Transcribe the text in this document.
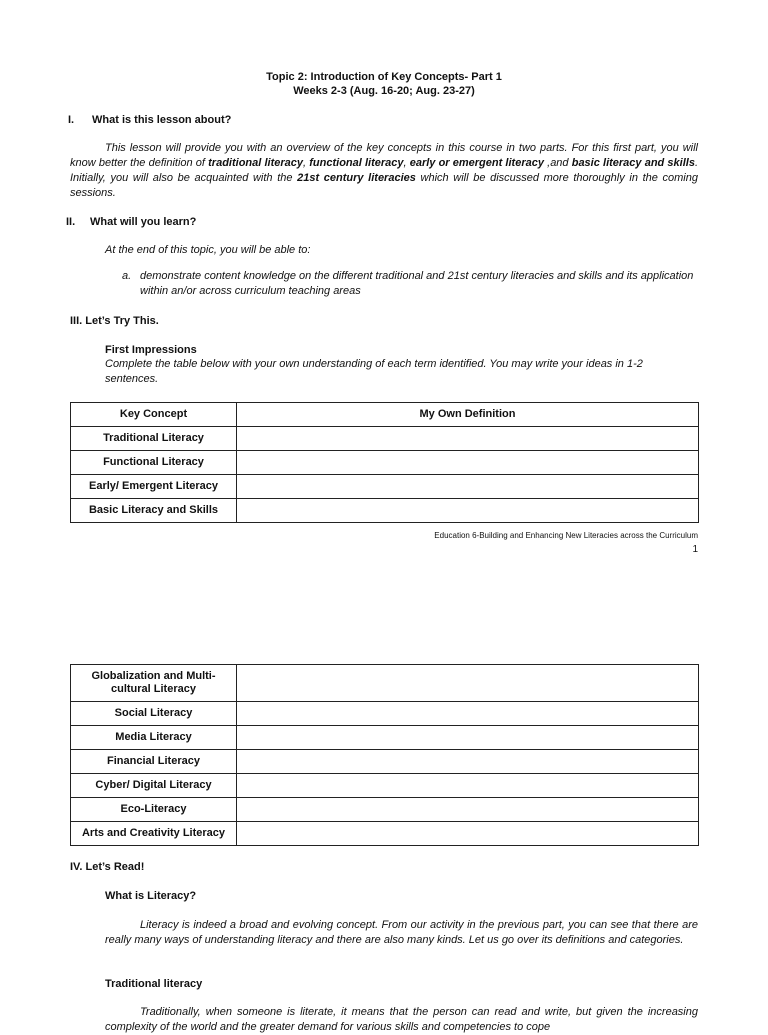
Topic 2: Introduction of Key Concepts- Part 1
Weeks 2-3 (Aug. 16-20; Aug. 23-27)
I. What is this lesson about?
This lesson will provide you with an overview of the key concepts in this course in two parts. For this first part, you will know better the definition of traditional literacy, functional literacy, early or emergent literacy ,and basic literacy and skills. Initially, you will also be acquainted with the 21st century literacies which will be discussed more thoroughly in the coming sessions.
II. What will you learn?
At the end of this topic, you will be able to:
a. demonstrate content knowledge on the different traditional and 21st century literacies and skills and its application within an/or across curriculum teaching areas
III. Let’s Try This.
First Impressions
Complete the table below with your own understanding of each term identified. You may write your ideas in 1-2 sentences.
Key Concept	My Own Definition
Traditional Literacy	
Functional Literacy	
Early/ Emergent Literacy	
Basic Literacy and Skills	
Education 6-Building and Enhancing New Literacies across the Curriculum
1
Globalization and Multi-cultural Literacy	
Social Literacy	
Media Literacy	
Financial Literacy	
Cyber/ Digital Literacy	
Eco-Literacy	
Arts and Creativity Literacy	
IV. Let’s Read!
What is Literacy?
Literacy is indeed a broad and evolving concept. From our activity in the previous part, you can see that there are really many ways of understanding literacy and there are also many kinds. Let us go over its definitions and categories.
Traditional literacy
Traditionally, when someone is literate, it means that the person can read and write, but given the increasing complexity of the world and the greater demand for various skills and competencies to cope
